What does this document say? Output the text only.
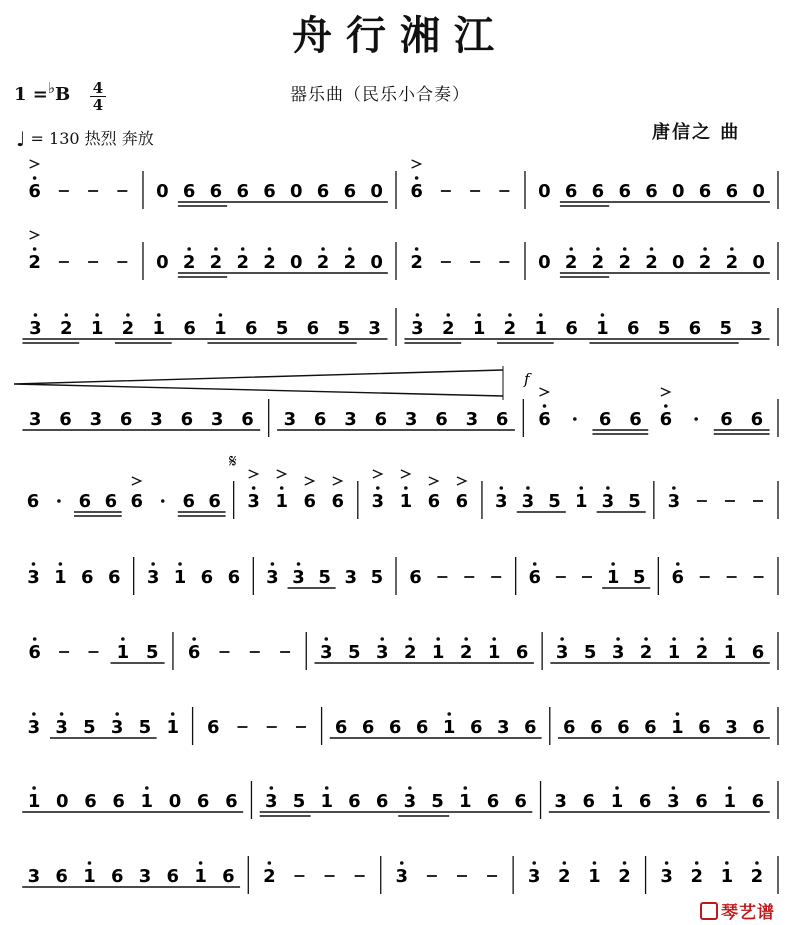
舟行湘江
器乐曲（民乐小合奏）
1 =♭B 4
4
♩ = 130 热烈 奔放	唐信之 曲
f
𝄋
6	0 6 6 6 6 0 6 6 0 6	0 6 6 6 6 0 6 6 0
2	0 2 2 2 2 0 2 2 0 2	0 2 2 2 2 0 2 2 0
3 2 1 2 1 6 1 6 5 6 5 3 3 2 1 2 1 6 1 6 5 6 5 3
3 6 3 6 3 6 3 6 3 6 3 6 3 6 3 6 6	6 6 6	6 6
6 6 6 6 6 6 3 1 6 6 3 1 6 6 3 3 5 1 3 5 3
3 1 6 6 3 1 6 6 3 3 5 3 5 6	6	1 5 6
6	1 5 6	3 5 3 2 1 2 1 6 3 5 3 2 1 2 1 6
3 3 5 3 5 1 6	6 6 6 6 1 6 3 6 6 6 6 6 1 6 3 6
1 0 6 6 1 0 6 6 3 5 1 6 6 3 5 1 6 6 3 6 1 6 3 6 1 6
3 6 1 6 3 6 1 6 2	3	3 2 1 2 3 2 1 2
琴艺谱
